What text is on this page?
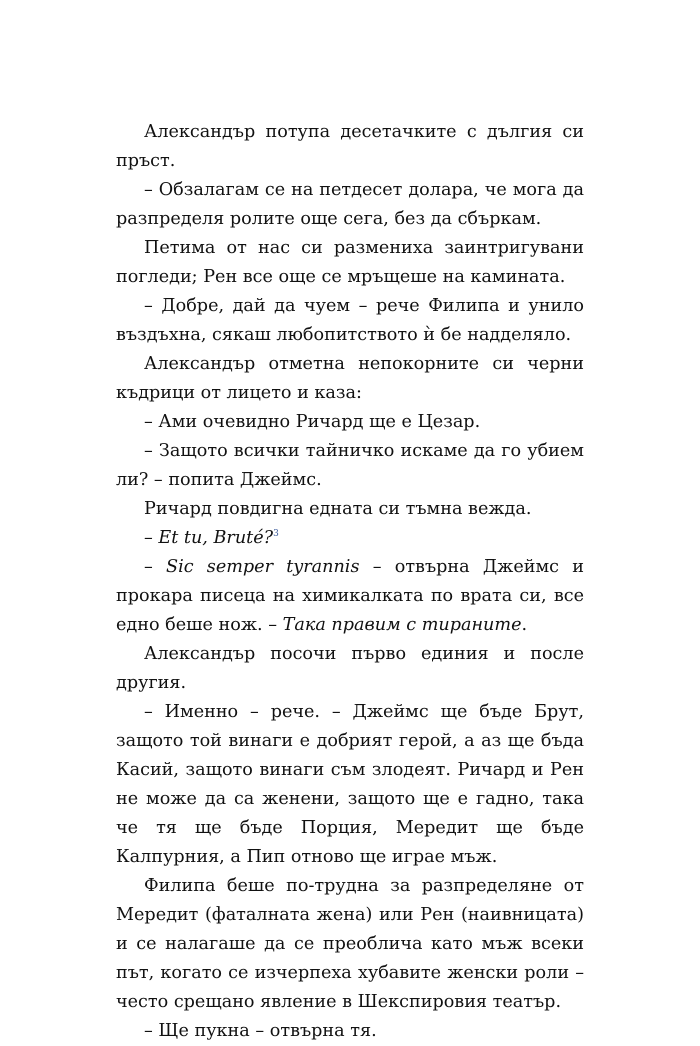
Александър потупа десетачките с дългия си пръст.

– Обзалагам се на петдесет долара, че мога да разпределя ролите още сега, без да сбъркам.

Петима от нас си размениха заинтригувани погледи; Рен все още се мръщеше на камината.

– Добре, дай да чуем – рече Филипа и унило въздъхна, сякаш любопитството ѝ бе надделяло.

Александър отметна непокорните си черни къдрици от лицето и каза:

– Ами очевидно Ричард ще е Цезар.

– Защото всички тайничко искаме да го убием ли? – попита Джеймс.

Ричард повдигна едната си тъмна вежда.

– Et tu, Bruté?$^3$

– Sic semper tyrannis – отвърна Джеймс и прокара писеца на химикалката по врата си, все едно беше нож. – Така правим с тираните.

Александър посочи първо единия и после другия.

– Именно – рече. – Джеймс ще бъде Брут, защото той винаги е добрият герой, а аз ще бъда Касий, защото винаги съм злодеят. Ричард и Рен не може да са женени, защото ще е гадно, така че тя ще бъде Порция, Мередит ще бъде Калпурния, а Пип отново ще играе мъж.

Филипа беше по-трудна за разпределяне от Мередит (фаталната жена) или Рен (наивницата) и се налагаше да се преоблича като мъж всеки път, когато се изчерпеха хубавите женски роли – често срещано явление в Шекспировия театър.

– Ще пукна – отвърна тя.
